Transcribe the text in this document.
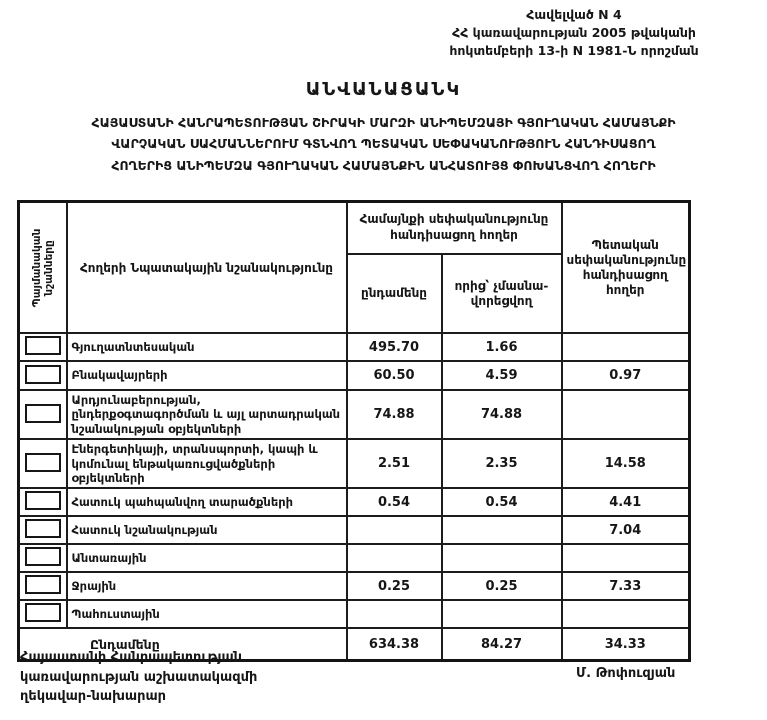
Հավելված N 4
ՀՀ կառավարության 2005 թվականի
հոկտեմբերի 13-ի N 1981-Ն որոշման
ԱՆՎԱՆԱՑԱՆԿ
ՀԱՅԱՍՏԱՆԻ ՀԱՆՐԱՊԵՏՈՒԹՅԱՆ ՇԻՐԱԿԻ ՄԱՐԶԻ ԱՆԻՊԵՄԶԱՅԻ ԳՅՈՒՂԱԿԱՆ ՀԱՄԱՅՆՔԻ
ՎԱՐՉԱԿԱՆ ՍԱՀՄԱՆՆԵՐՈՒՄ ԳՏՆՎՈՂ ՊԵՏԱԿԱՆ ՍԵՓԱԿԱՆՈՒԹՅՈՒՆ ՀԱՆԴԻՍԱՑՈՂ
ՀՈՂԵՐԻՑ ԱՆԻՊԵՄԶԱ ԳՅՈՒՂԱԿԱՆ ՀԱՄԱՅՆՔԻՆ ԱՆՀԱՏՈՒՅՑ ՓՈԽԱՆՑՎՈՂ ՀՈՂԵՐԻ
Պայմանական նշանները	Հողերի Նպատակային նշանակությունը	Համայնքի սեփականությունը հանդիսացող հողեր		Պետական սեփականությունը հանդիսացող հողեր
		ընդամենը	որից՝ չմասնա-վորեցվող	
	Գյուղատնտեսական	495.70	1.66	
	Բնակավայրերի	60.50	4.59	0.97
	Արդյունաբերության, ընդերքօգտագործման և այլ արտադրական նշանակության օբյեկտների	74.88	74.88	
	Էներգետիկայի, տրանսպորտի, կապի և կոմունալ ենթակառուցվածքների օբյեկտների	2.51	2.35	14.58
	Հատուկ պահպանվող տարածքների	0.54	0.54	4.41
	Հատուկ նշանակության			7.04
	Անտառային			
	Ջրային	0.25	0.25	7.33
	Պահուստային			
Ընդամենը		634.38	84.27	34.33
Հայաստանի Հանրապետության
կառավարության աշխատակազմի
ղեկավար-նախարար
Մ. Թոփուզյան
